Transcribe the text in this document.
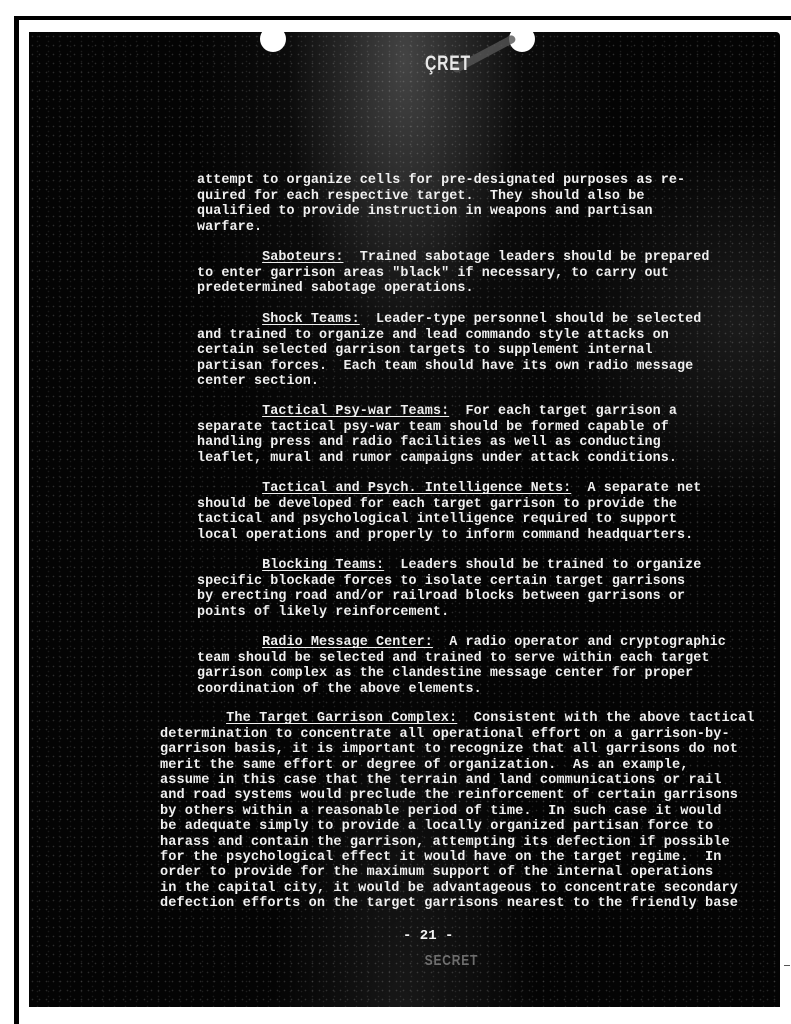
ÇRET

attempt to organize cells for pre-designated purposes as re-
quired for each respective target.  They should also be
qualified to provide instruction in weapons and partisan
warfare.

Saboteurs:  Trained sabotage leaders should be prepared
to enter garrison areas "black" if necessary, to carry out
predetermined sabotage operations.

Shock Teams:  Leader-type personnel should be selected
and trained to organize and lead commando style attacks on
certain selected garrison targets to supplement internal
partisan forces.  Each team should have its own radio message
center section.

Tactical Psy-war Teams:  For each target garrison a
separate tactical psy-war team should be formed capable of
handling press and radio facilities as well as conducting
leaflet, mural and rumor campaigns under attack conditions.

Tactical and Psych. Intelligence Nets:  A separate net
should be developed for each target garrison to provide the
tactical and psychological intelligence required to support
local operations and properly to inform command headquarters.

Blocking Teams:  Leaders should be trained to organize
specific blockade forces to isolate certain target garrisons
by erecting road and/or railroad blocks between garrisons or
points of likely reinforcement.

Radio Message Center:  A radio operator and cryptographic
team should be selected and trained to serve within each target
garrison complex as the clandestine message center for proper
coordination of the above elements.

The Target Garrison Complex:  Consistent with the above tactical
determination to concentrate all operational effort on a garrison-by-
garrison basis, it is important to recognize that all garrisons do not
merit the same effort or degree of organization.  As an example,
assume in this case that the terrain and land communications or rail
and road systems would preclude the reinforcement of certain garrisons
by others within a reasonable period of time.  In such case it would
be adequate simply to provide a locally organized partisan force to
harass and contain the garrison, attempting its defection if possible
for the psychological effect it would have on the target regime.  In
order to provide for the maximum support of the internal operations
in the capital city, it would be advantageous to concentrate secondary
defection efforts on the target garrisons nearest to the friendly base

- 21 -
SECRET
